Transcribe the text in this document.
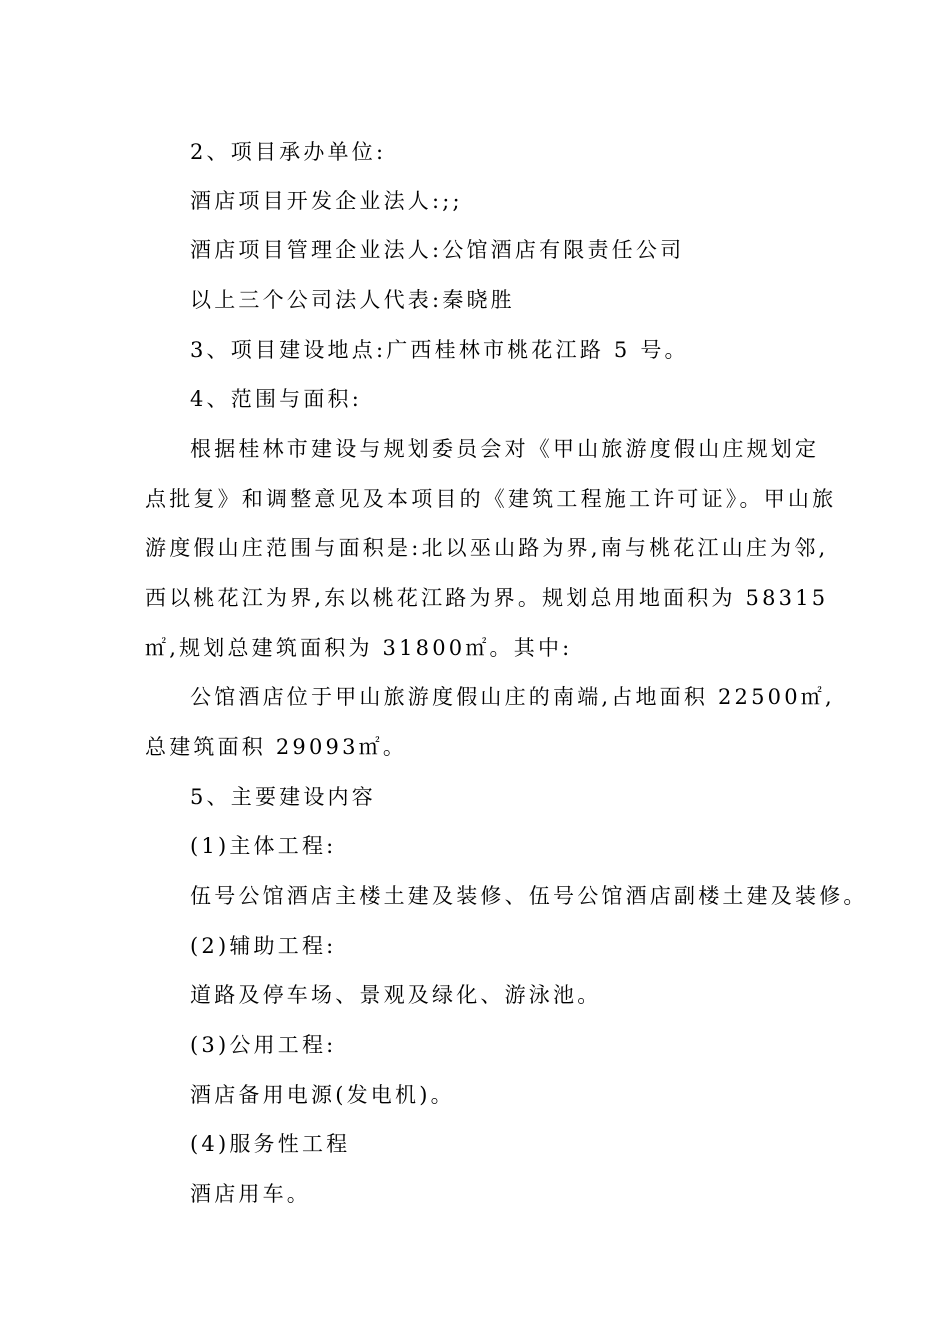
2、项目承办单位:
酒店项目开发企业法人:;;
酒店项目管理企业法人:公馆酒店有限责任公司
以上三个公司法人代表:秦晓胜
3、项目建设地点:广西桂林市桃花江路 5 号。
4、范围与面积:
根据桂林市建设与规划委员会对《甲山旅游度假山庄规划定
点批复》和调整意见及本项目的《建筑工程施工许可证》。甲山旅
游度假山庄范围与面积是:北以巫山路为界,南与桃花江山庄为邻,
西以桃花江为界,东以桃花江路为界。规划总用地面积为 58315
㎡,规划总建筑面积为 31800㎡。其中:
公馆酒店位于甲山旅游度假山庄的南端,占地面积 22500㎡,
总建筑面积 29093㎡。
5、主要建设内容
(1)主体工程:
伍号公馆酒店主楼土建及装修、伍号公馆酒店副楼土建及装修。
(2)辅助工程:
道路及停车场、景观及绿化、游泳池。
(3)公用工程:
酒店备用电源(发电机)。
(4)服务性工程
酒店用车。
